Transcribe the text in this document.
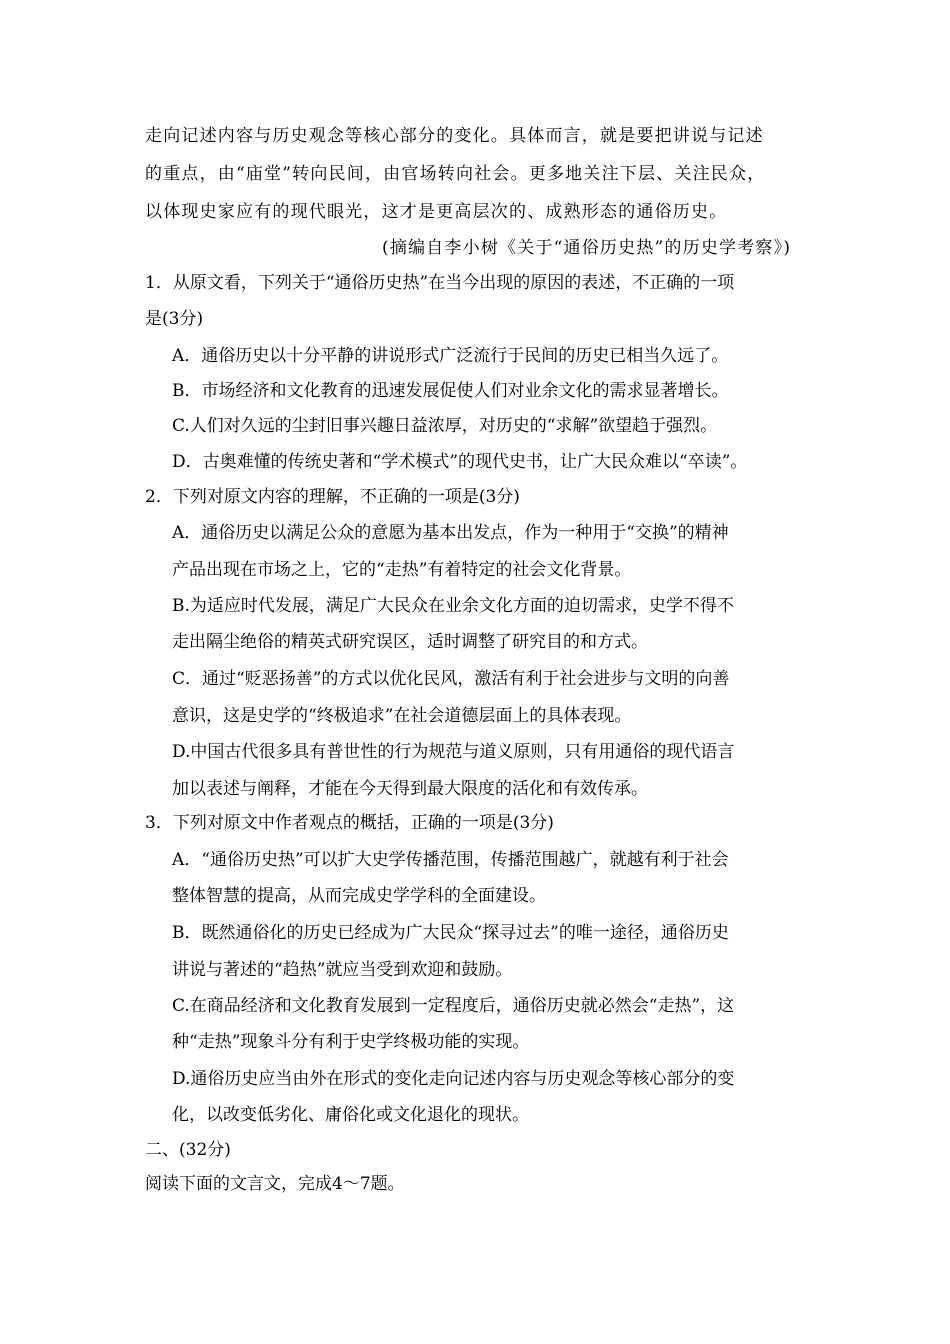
走向记述内容与历史观念等核心部分的变化。具体而言，就是要把讲说与记述

的重点，由“庙堂”转向民间，由官场转向社会。更多地关注下层、关注民众，

以体现史家应有的现代眼光，这才是更高层次的、成熟形态的通俗历史。

(摘编自李小树《关于“通俗历史热”的历史学考察》)

1．从原文看，下列关于“通俗历史热”在当今出现的原因的表述，不正确的一项

是(3分)

A．通俗历史以十分平静的讲说形式广泛流行于民间的历史已相当久远了。

B．市场经济和文化教育的迅速发展促使人们对业余文化的需求显著增长。

C.人们对久远的尘封旧事兴趣日益浓厚，对历史的“求解”欲望趋于强烈。

D．古奥难懂的传统史著和“学术模式”的现代史书，让广大民众难以“卒读”。

2．下列对原文内容的理解，不正确的一项是(3分)

A．通俗历史以满足公众的意愿为基本出发点，作为一种用于“交换”的精神

产品出现在市场之上，它的“走热”有着特定的社会文化背景。

B.为适应时代发展，满足广大民众在业余文化方面的迫切需求，史学不得不

走出隔尘绝俗的精英式研究误区，适时调整了研究目的和方式。

C．通过“贬恶扬善”的方式以优化民风，激活有利于社会进步与文明的向善

意识，这是史学的“终极追求”在社会道德层面上的具体表现。

D.中国古代很多具有普世性的行为规范与道义原则，只有用通俗的现代语言

加以表述与阐释，才能在今天得到最大限度的活化和有效传承。

3．下列对原文中作者观点的概括，正确的一项是(3分)

A．“通俗历史热”可以扩大史学传播范围，传播范围越广，就越有利于社会

整体智慧的提高，从而完成史学学科的全面建设。

B．既然通俗化的历史已经成为广大民众“探寻过去”的唯一途径，通俗历史

讲说与著述的“趋热”就应当受到欢迎和鼓励。

C.在商品经济和文化教育发展到一定程度后，通俗历史就必然会“走热”，这

种“走热”现象斗分有利于史学终极功能的实现。

D.通俗历史应当由外在形式的变化走向记述内容与历史观念等核心部分的变

化，以改变低劣化、庸俗化或文化退化的现状。

二、(32分)

阅读下面的文言文，完成4～7题。
